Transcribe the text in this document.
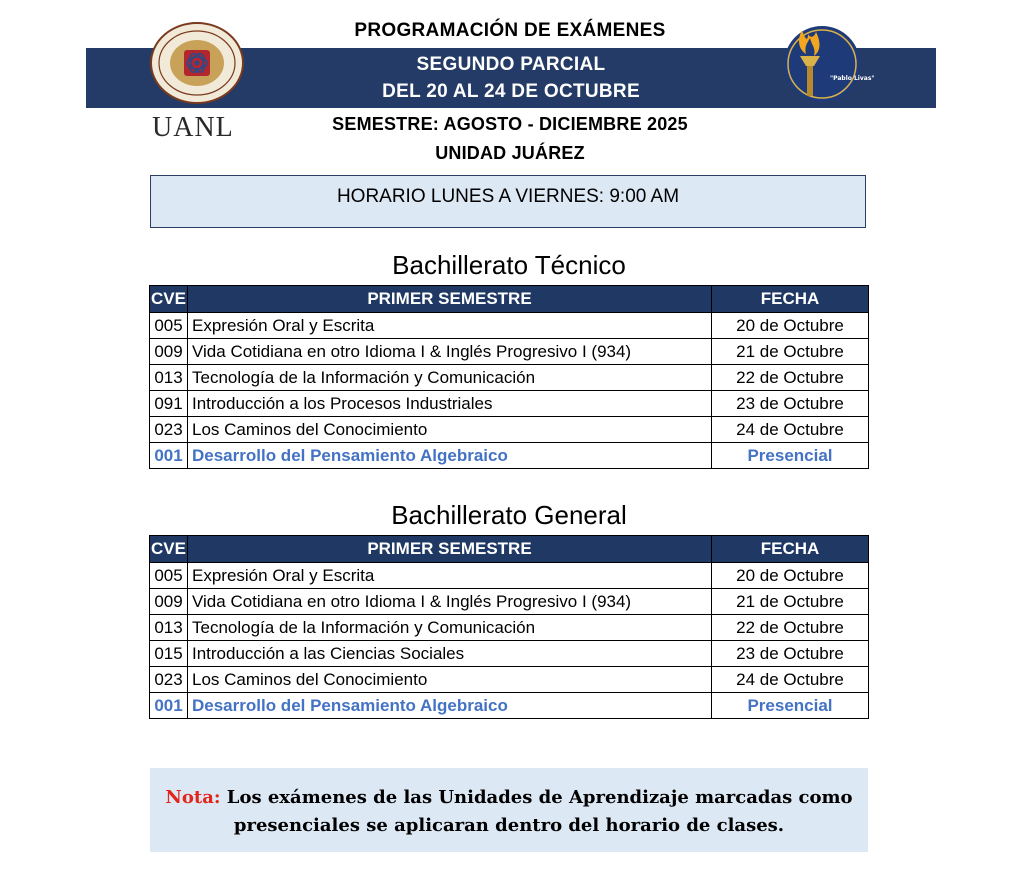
PROGRAMACIÓN DE EXÁMENES
SEGUNDO PARCIAL
DEL 20 AL 24 DE OCTUBRE
SEMESTRE: AGOSTO - DICIEMBRE 2025
UNIDAD JUÁREZ
UANL
"Pablo Livas"
HORARIO LUNES A VIERNES: 9:00 AM
Bachillerato Técnico
CVE	PRIMER SEMESTRE	FECHA
005	Expresión Oral y Escrita	20 de Octubre
009	Vida Cotidiana en otro Idioma I & Inglés Progresivo I (934)	21 de Octubre
013	Tecnología de la Información y Comunicación	22 de Octubre
091	Introducción a los Procesos Industriales	23 de Octubre
023	Los Caminos del Conocimiento	24 de Octubre
001	Desarrollo del Pensamiento Algebraico	Presencial
Bachillerato General
CVE	PRIMER SEMESTRE	FECHA
005	Expresión Oral y Escrita	20 de Octubre
009	Vida Cotidiana en otro Idioma I & Inglés Progresivo I (934)	21 de Octubre
013	Tecnología de la Información y Comunicación	22 de Octubre
015	Introducción a las Ciencias Sociales	23 de Octubre
023	Los Caminos del Conocimiento	24 de Octubre
001	Desarrollo del Pensamiento Algebraico	Presencial
Nota: Los exámenes de las Unidades de Aprendizaje marcadas como
presenciales se aplicaran dentro del horario de clases.
